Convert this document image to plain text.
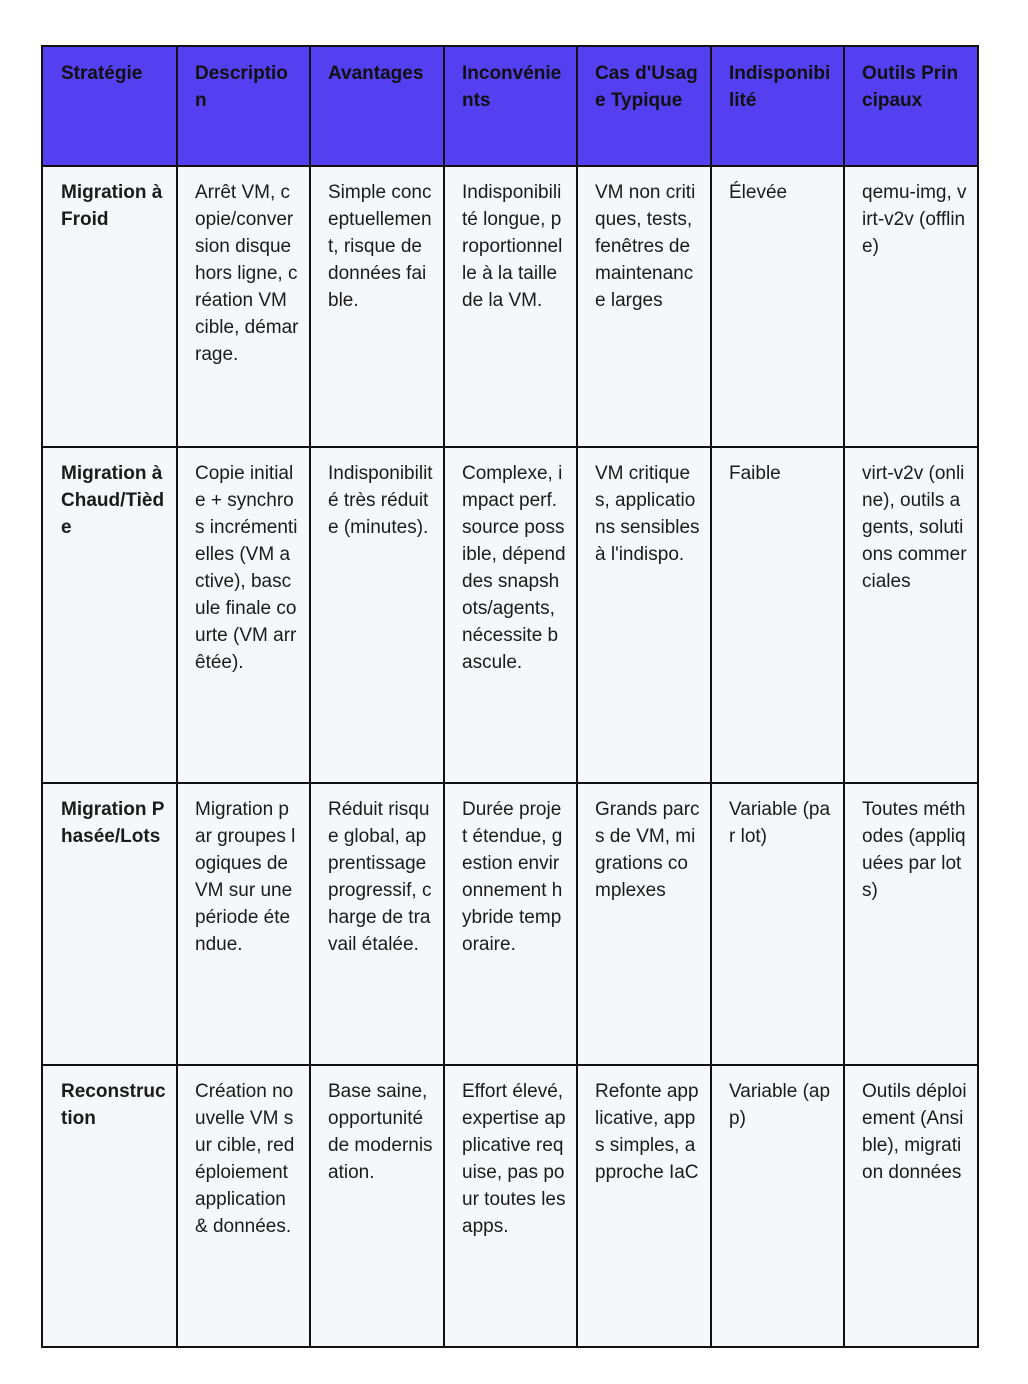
Stratégie	Description	Avantages	Inconvénients	Cas d'Usage Typique	Indisponibilité	Outils Principaux
Migration à Froid	Arrêt VM, copie/conversion disque hors ligne, création VM cible, démarrage.	Simple conceptuellement, risque de données faible.	Indisponibilité longue, proportionnelle à la taille de la VM.	VM non critiques, tests, fenêtres de maintenance larges	Élevée	qemu-img, virt-v2v (offline)
Migration à Chaud/Tiède	Copie initiale + synchros incrémentielles (VM active), bascule finale courte (VM arrêtée).	Indisponibilité très réduite (minutes).	Complexe, impact perf. source possible, dépend des snapshots/agents, nécessite bascule.	VM critiques, applications sensibles à l'indispo.	Faible	virt-v2v (online), outils agents, solutions commerciales
Migration Phasée/Lots	Migration par groupes logiques de VM sur une période étendue.	Réduit risque global, apprentissage progressif, charge de travail étalée.	Durée projet étendue, gestion environnement hybride temporaire.	Grands parcs de VM, migrations complexes	Variable (par lot)	Toutes méthodes (appliquées par lots)
Reconstruction	Création nouvelle VM sur cible, redéploiement application & données.	Base saine, opportunité de modernisation.	Effort élevé, expertise applicative requise, pas pour toutes les apps.	Refonte applicative, apps simples, approche IaC	Variable (app)	Outils déploiement (Ansible), migration données
